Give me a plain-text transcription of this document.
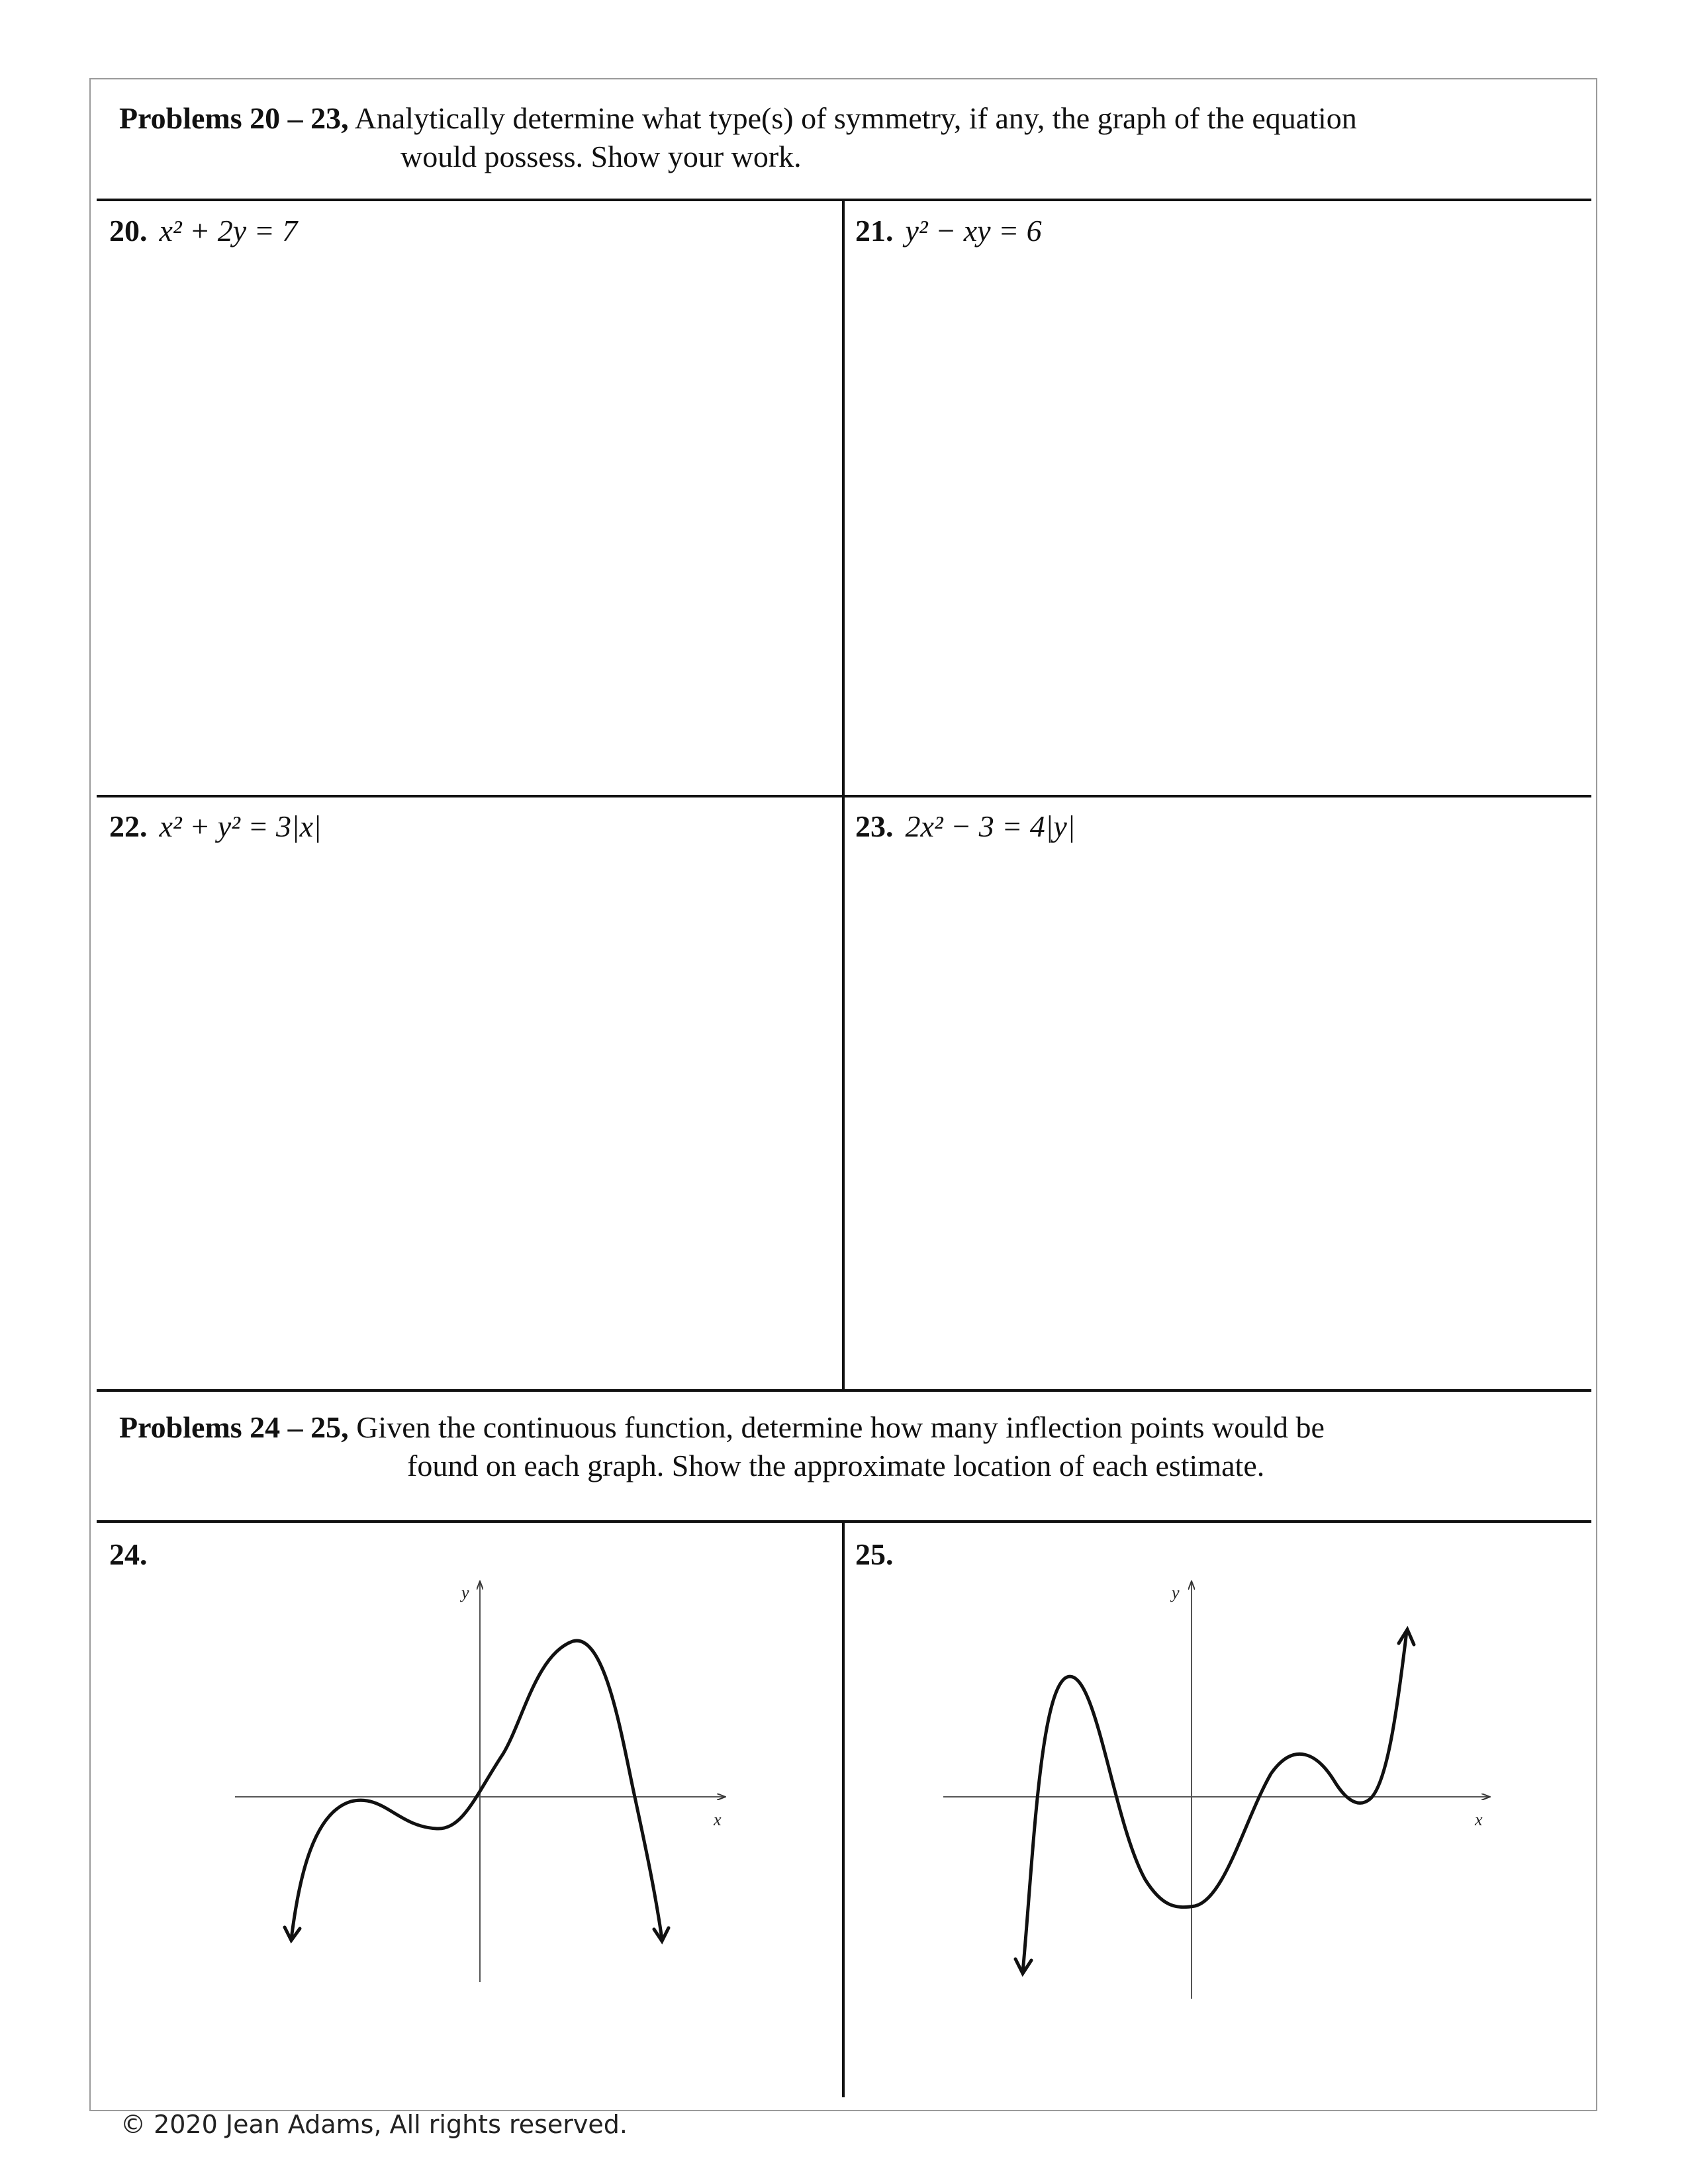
Problems 20 – 23, Analytically determine what type(s) of symmetry, if any, the graph of the equation
would possess. Show your work.
20. x² + 2y = 7	21. y² − xy = 6
22. x² + y² = 3|x|	23. 2x² − 3 = 4|y|
Problems 24 – 25, Given the continuous function, determine how many inflection points would be
found on each graph. Show the approximate location of each estimate.
24.
x
y
25.
x
y
© 2020 Jean Adams, All rights reserved.
